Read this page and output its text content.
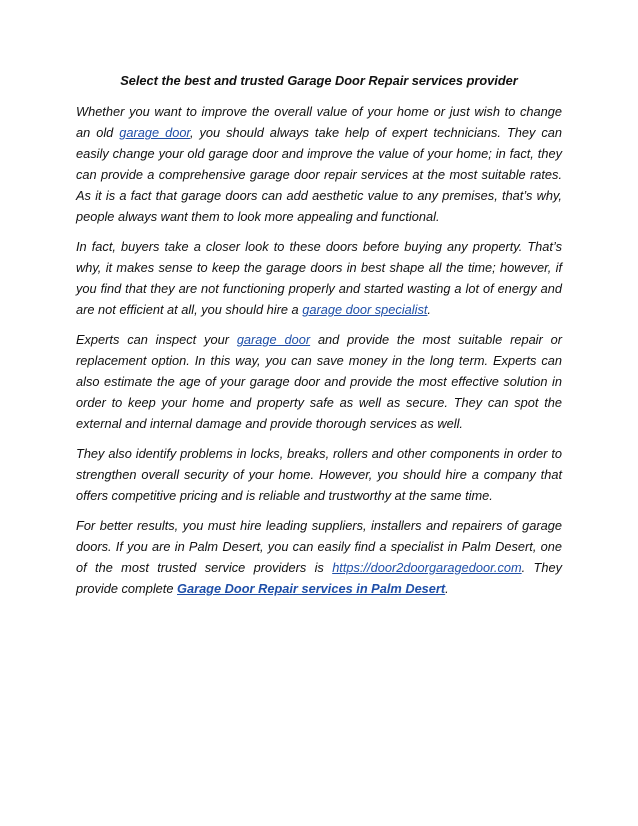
Select the best and trusted Garage Door Repair services provider

Whether you want to improve the overall value of your home or just wish to change an old garage door, you should always take help of expert technicians. They can easily change your old garage door and improve the value of your home; in fact, they can provide a comprehensive garage door repair services at the most suitable rates. As it is a fact that garage doors can add aesthetic value to any premises, that’s why, people always want them to look more appealing and functional.

In fact, buyers take a closer look to these doors before buying any property. That’s why, it makes sense to keep the garage doors in best shape all the time; however, if you find that they are not functioning properly and started wasting a lot of energy and are not efficient at all, you should hire a garage door specialist.

Experts can inspect your garage door and provide the most suitable repair or replacement option. In this way, you can save money in the long term. Experts can also estimate the age of your garage door and provide the most effective solution in order to keep your home and property safe as well as secure. They can spot the external and internal damage and provide thorough services as well.

They also identify problems in locks, breaks, rollers and other components in order to strengthen overall security of your home. However, you should hire a company that offers competitive pricing and is reliable and trustworthy at the same time.

For better results, you must hire leading suppliers, installers and repairers of garage doors. If you are in Palm Desert, you can easily find a specialist in Palm Desert, one of the most trusted service providers is https://door2doorgaragedoor.com. They provide complete Garage Door Repair services in Palm Desert.
